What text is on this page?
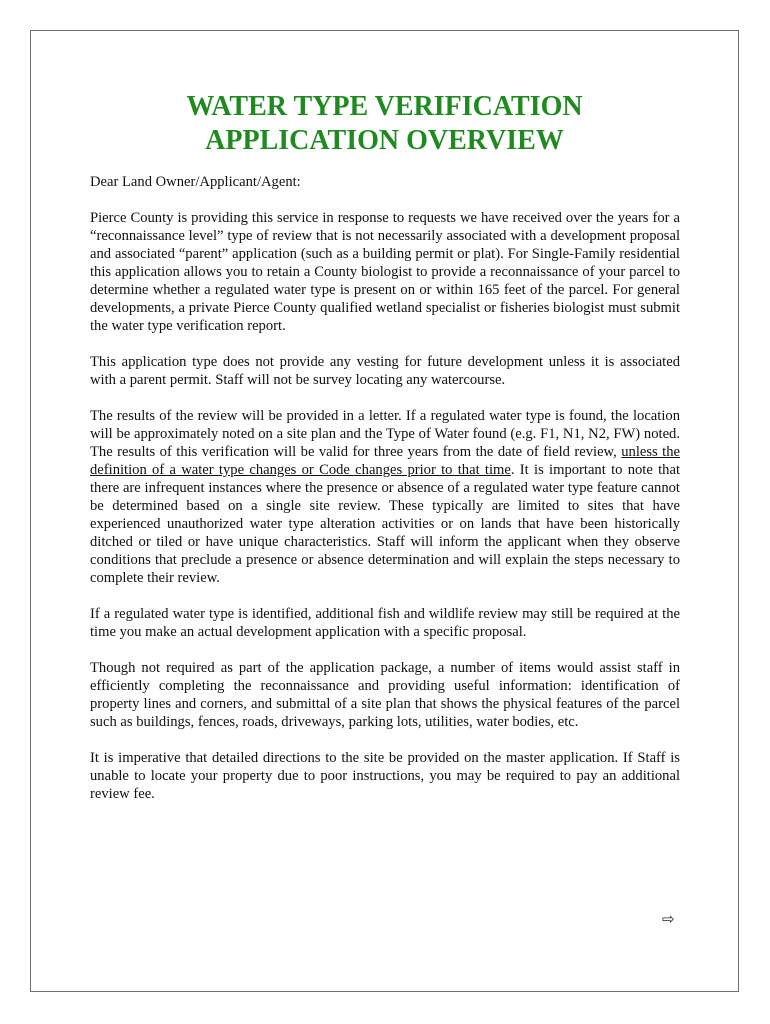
WATER TYPE VERIFICATION
APPLICATION OVERVIEW

Dear Land Owner/Applicant/Agent:

Pierce County is providing this service in response to requests we have received over the years for a “reconnaissance level” type of review that is not necessarily associated with a development proposal and associated “parent” application (such as a building permit or plat). For Single-Family residential this application allows you to retain a County biologist to provide a reconnaissance of your parcel to determine whether a regulated water type is present on or within 165 feet of the parcel. For general developments, a private Pierce County qualified wetland specialist or fisheries biologist must submit the water type verification report.

This application type does not provide any vesting for future development unless it is associated with a parent permit. Staff will not be survey locating any watercourse.

The results of the review will be provided in a letter. If a regulated water type is found, the location will be approximately noted on a site plan and the Type of Water found (e.g. F1, N1, N2, FW) noted. The results of this verification will be valid for three years from the date of field review, unless the definition of a water type changes or Code changes prior to that time. It is important to note that there are infrequent instances where the presence or absence of a regulated water type feature cannot be determined based on a single site review. These typically are limited to sites that have experienced unauthorized water type alteration activities or on lands that have been historically ditched or tiled or have unique characteristics. Staff will inform the applicant when they observe conditions that preclude a presence or absence determination and will explain the steps necessary to complete their review.

If a regulated water type is identified, additional fish and wildlife review may still be required at the time you make an actual development application with a specific proposal.

Though not required as part of the application package, a number of items would assist staff in efficiently completing the reconnaissance and providing useful information: identification of property lines and corners, and submittal of a site plan that shows the physical features of the parcel such as buildings, fences, roads, driveways, parking lots, utilities, water bodies, etc.

It is imperative that detailed directions to the site be provided on the master application. If Staff is unable to locate your property due to poor instructions, you may be required to pay an additional review fee.

⇨
